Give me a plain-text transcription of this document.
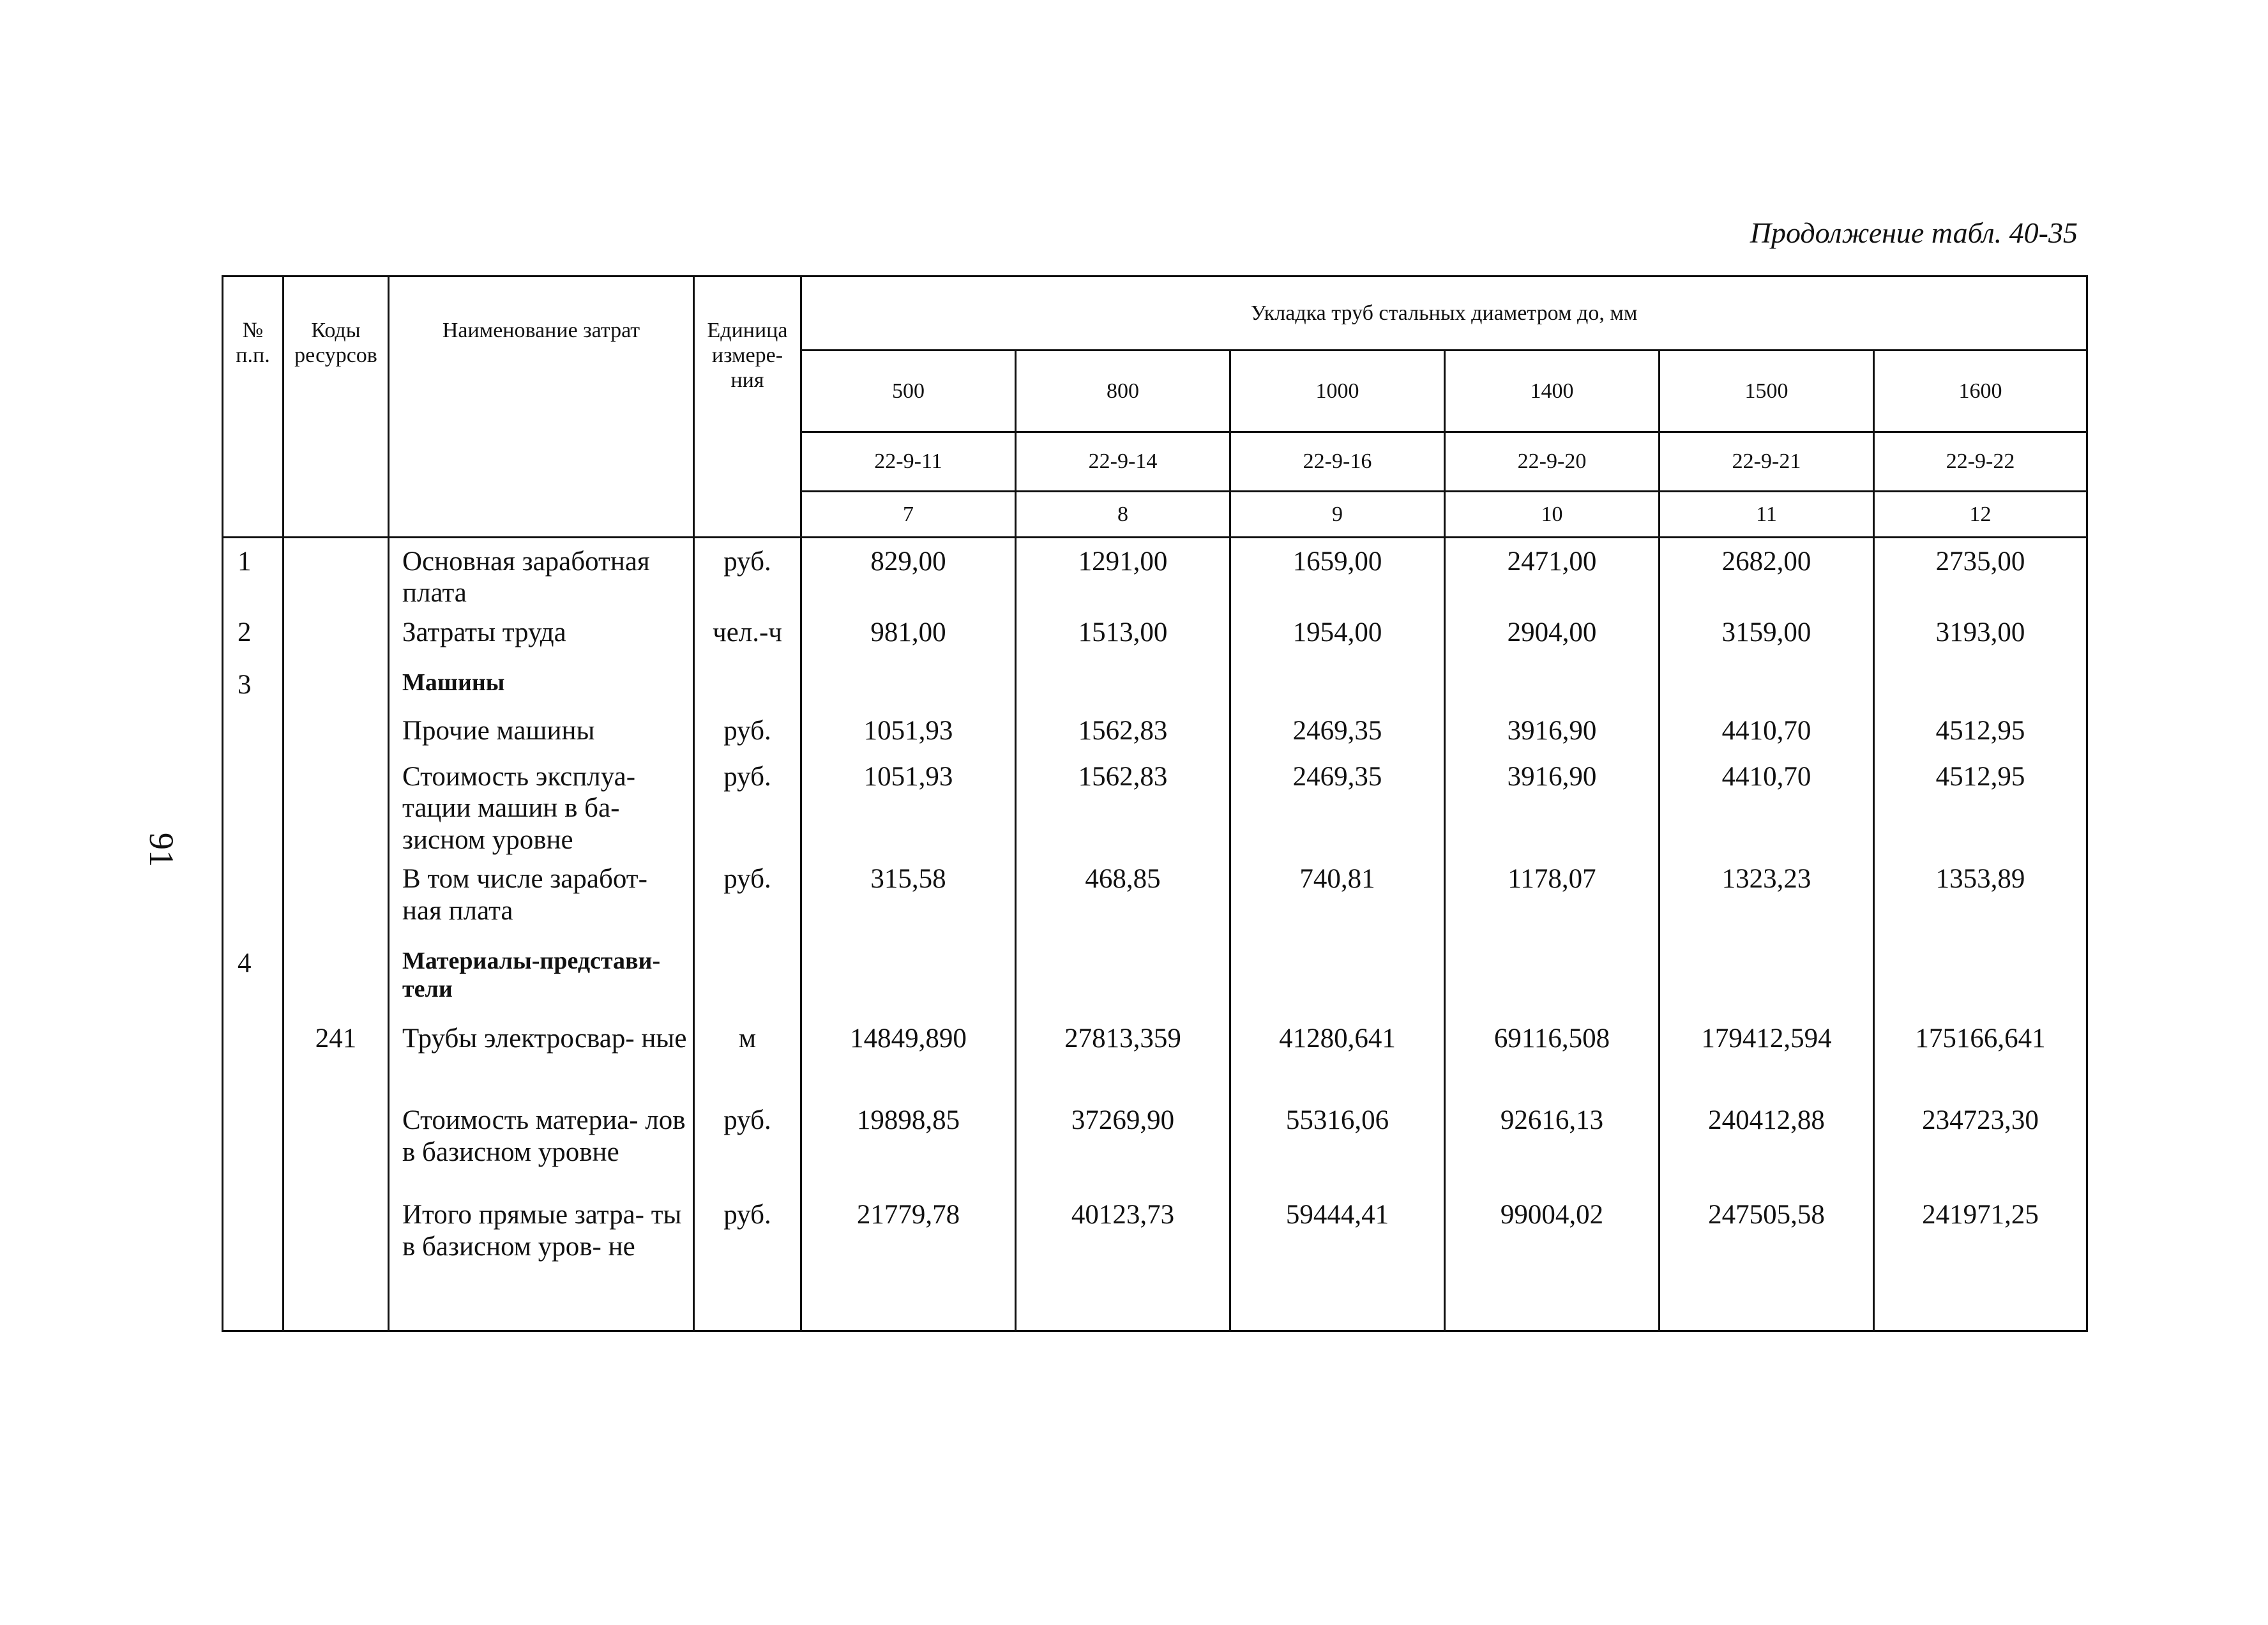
Продолжение табл. 40-35
91
№ п.п.	Коды ресурсов	Наименование затрат	Единица измере- ния	Укладка труб стальных диаметром до, мм					
				500	800	1000	1400	1500	1600
				22-9-11	22-9-14	22-9-16	22-9-20	22-9-21	22-9-22
				7	8	9	10	11	12
1		Основная заработная плата	руб.	829,00	1291,00	1659,00	2471,00	2682,00	2735,00
2		Затраты труда	чел.-ч	981,00	1513,00	1954,00	2904,00	3159,00	3193,00
3		Машины							
		Прочие машины	руб.	1051,93	1562,83	2469,35	3916,90	4410,70	4512,95
		Стоимость эксплуа- тации машин в ба- зисном уровне	руб.	1051,93	1562,83	2469,35	3916,90	4410,70	4512,95
		В том числе заработ- ная плата	руб.	315,58	468,85	740,81	1178,07	1323,23	1353,89
4		Материалы-представи- тели							
	241	Трубы электросвар- ные	м	14849,890	27813,359	41280,641	69116,508	179412,594	175166,641
		Стоимость материа- лов в базисном уровне	руб.	19898,85	37269,90	55316,06	92616,13	240412,88	234723,30
		Итого прямые затра- ты в базисном уров- не	руб.	21779,78	40123,73	59444,41	99004,02	247505,58	241971,25
